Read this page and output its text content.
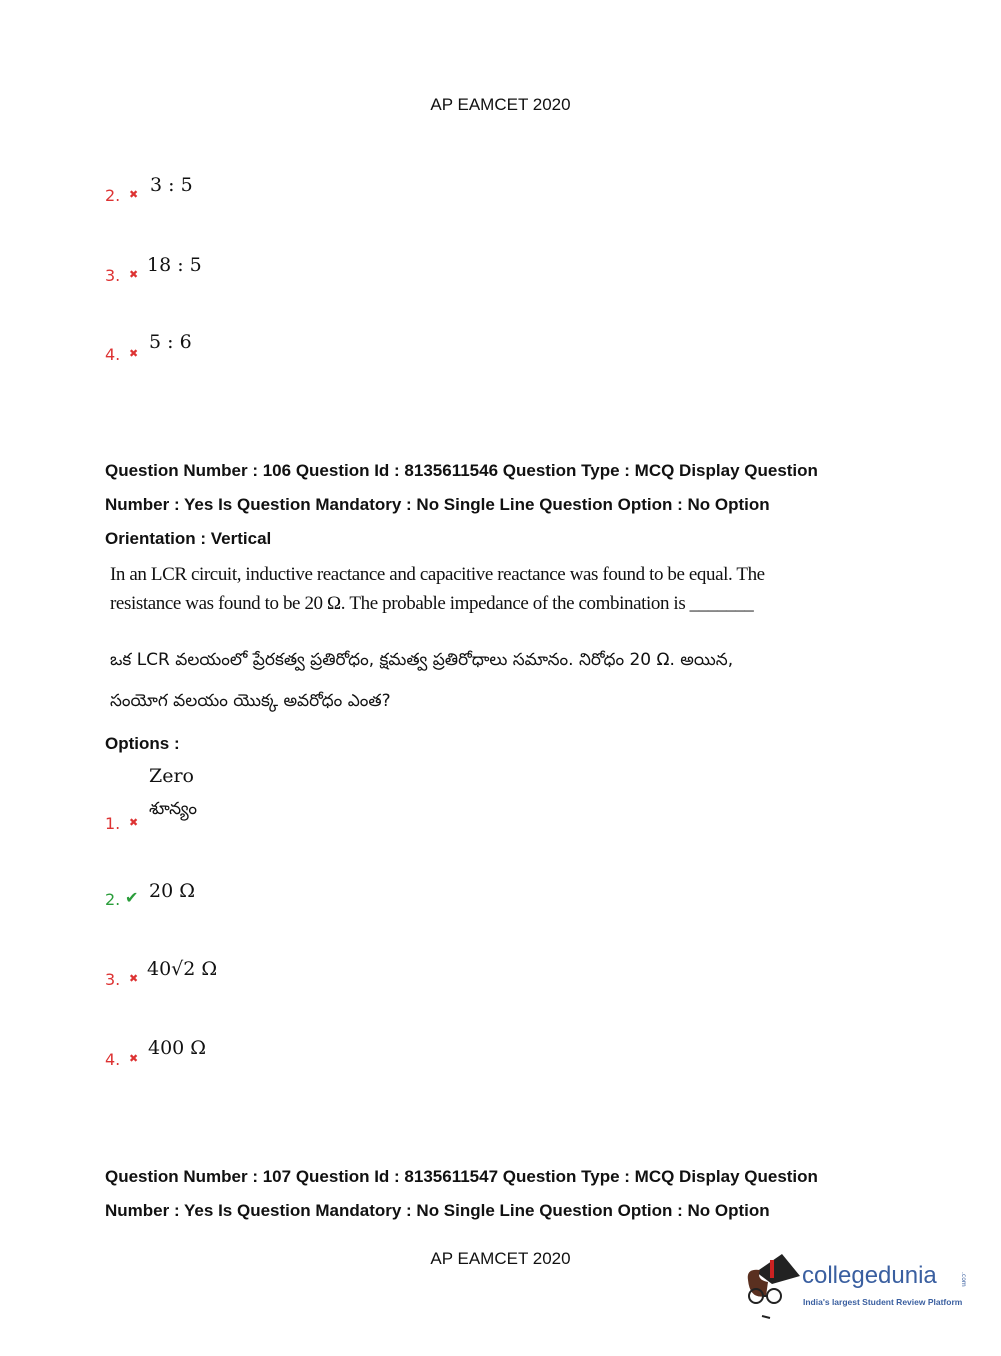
AP EAMCET 2020
2. ✖ 3 : 5
3. ✖ 18 : 5
4. ✖
5 : 6
Question Number : 106 Question Id : 8135611546 Question Type : MCQ Display Question
Number : Yes Is Question Mandatory : No Single Line Question Option : No Option
Orientation : Vertical
In an LCR circuit, inductive reactance and capacitive reactance was found to be equal. The
resistance was found to be 20 Ω. The probable impedance of the combination is _______
ఒక LCR వలయంలో ప్రేరకత్వ ప్రతిరోధం, క్షమత్వ ప్రతిరోధాలు సమానం. నిరోధం 20 Ω. అయిన,
సంయోగ వలయం యొక్క అవరోధం ఎంత?
Options :
Zero
శూన్యం
1. ✖
2. ✔ 20 Ω
3. ✖ 40√2 Ω
4. ✖ 400 Ω
Question Number : 107 Question Id : 8135611547 Question Type : MCQ Display Question
Number : Yes Is Question Mandatory : No Single Line Question Option : No Option
AP EAMCET 2020
collegedunia	.com
India's largest Student Review Platform
